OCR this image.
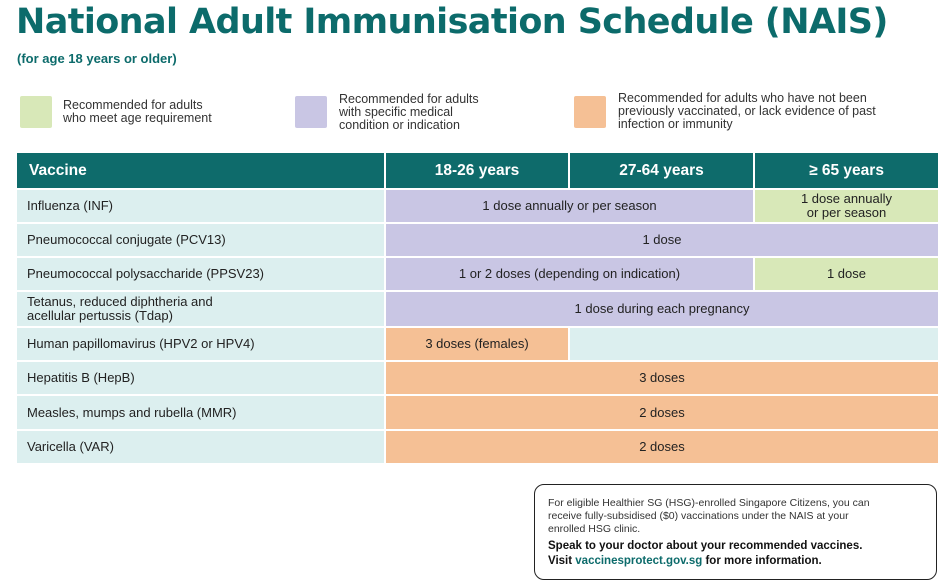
National Adult Immunisation Schedule (NAIS)
(for age 18 years or older)
Recommended for adults
who meet age requirement
Recommended for adults
with specific medical
condition or indication
Recommended for adults who have not been
previously vaccinated, or lack evidence of past
infection or immunity
Vaccine	18-26 years	27-64 years	≥ 65 years
Influenza (INF)	1 dose annually or per season	1 dose annually
or per season
Pneumococcal conjugate (PCV13)	1 dose
Pneumococcal polysaccharide (PPSV23)	1 or 2 doses (depending on indication)	1 dose
Tetanus, reduced diphtheria and
acellular pertussis (Tdap)	1 dose during each pregnancy
Human papillomavirus (HPV2 or HPV4)	3 doses (females)
Hepatitis B (HepB)	3 doses
Measles, mumps and rubella (MMR)	2 doses
Varicella (VAR)	2 doses
For eligible Healthier SG (HSG)-enrolled Singapore Citizens, you can
receive fully-subsidised ($0) vaccinations under the NAIS at your
enrolled HSG clinic.
Speak to your doctor about your recommended vaccines.
Visit vaccinesprotect.gov.sg for more information.
